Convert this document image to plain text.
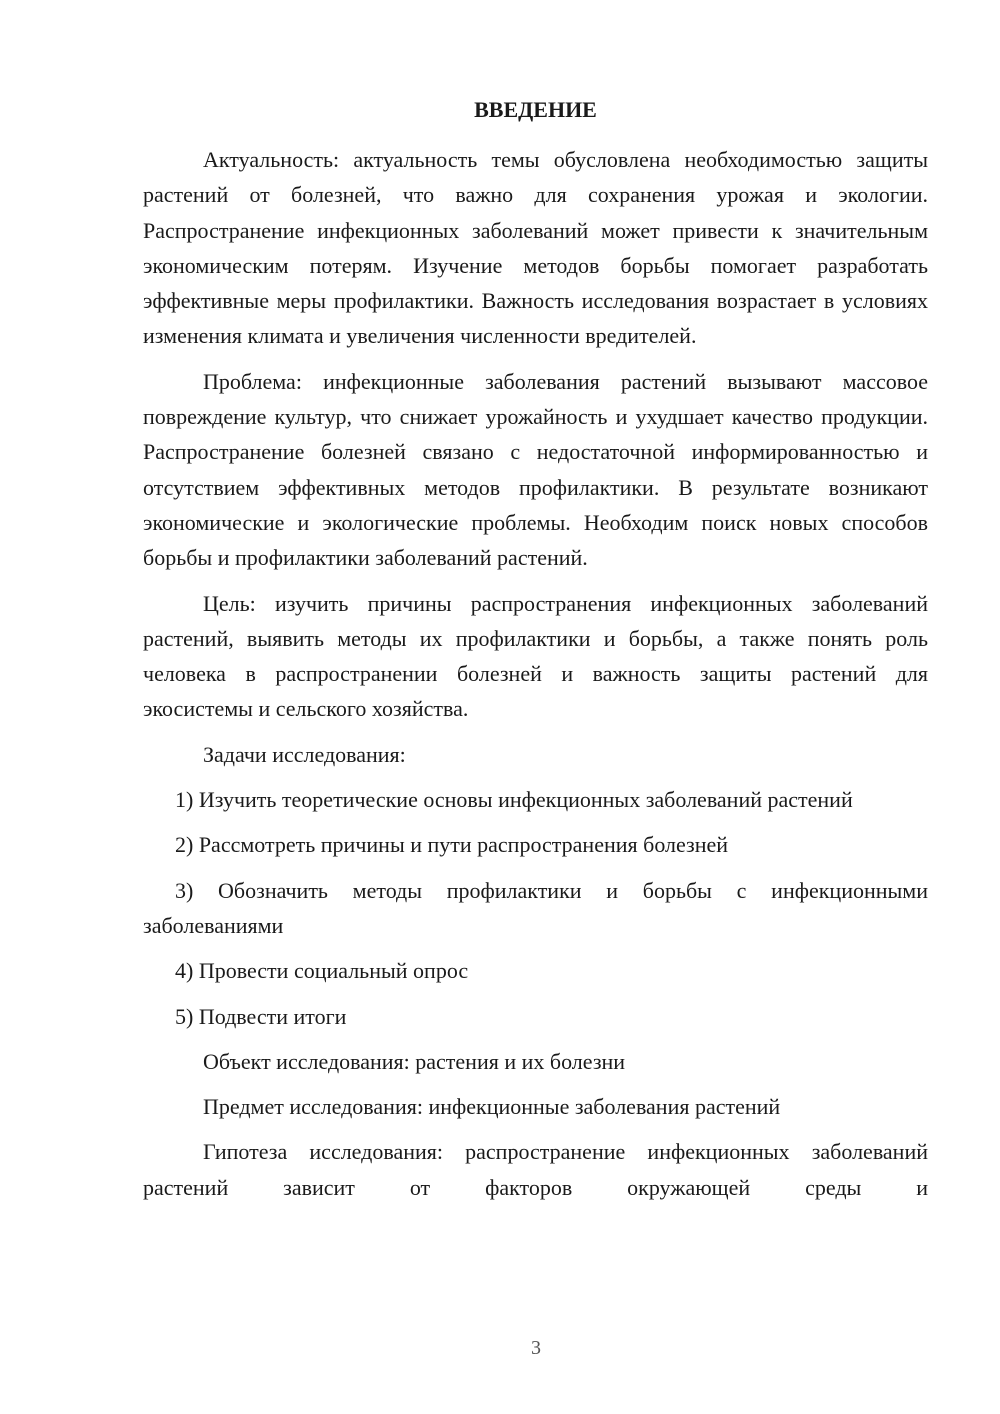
ВВЕДЕНИЕ

Актуальность: актуальность темы обусловлена необходимостью защиты растений от болезней, что важно для сохранения урожая и экологии. Распространение инфекционных заболеваний может привести к значительным экономическим потерям. Изучение методов борьбы помогает разработать эффективные меры профилактики. Важность исследования возрастает в условиях изменения климата и увеличения численности вредителей.

Проблема: инфекционные заболевания растений вызывают массовое повреждение культур, что снижает урожайность и ухудшает качество продукции. Распространение болезней связано с недостаточной информированностью и отсутствием эффективных методов профилактики. В результате возникают экономические и экологические проблемы. Необходим поиск новых способов борьбы и профилактики заболеваний растений.

Цель: изучить причины распространения инфекционных заболеваний растений, выявить методы их профилактики и борьбы, а также понять роль человека в распространении болезней и важность защиты растений для экосистемы и сельского хозяйства.

Задачи исследования:

1) Изучить теоретические основы инфекционных заболеваний растений

2) Рассмотреть причины и пути распространения болезней

3) Обозначить методы профилактики и борьбы с инфекционными заболеваниями

4) Провести социальный опрос

5) Подвести итоги

Объект исследования: растения и их болезни

Предмет исследования: инфекционные заболевания растений

Гипотеза исследования: распространение инфекционных заболеваний растений зависит от факторов окружающей среды и

3
